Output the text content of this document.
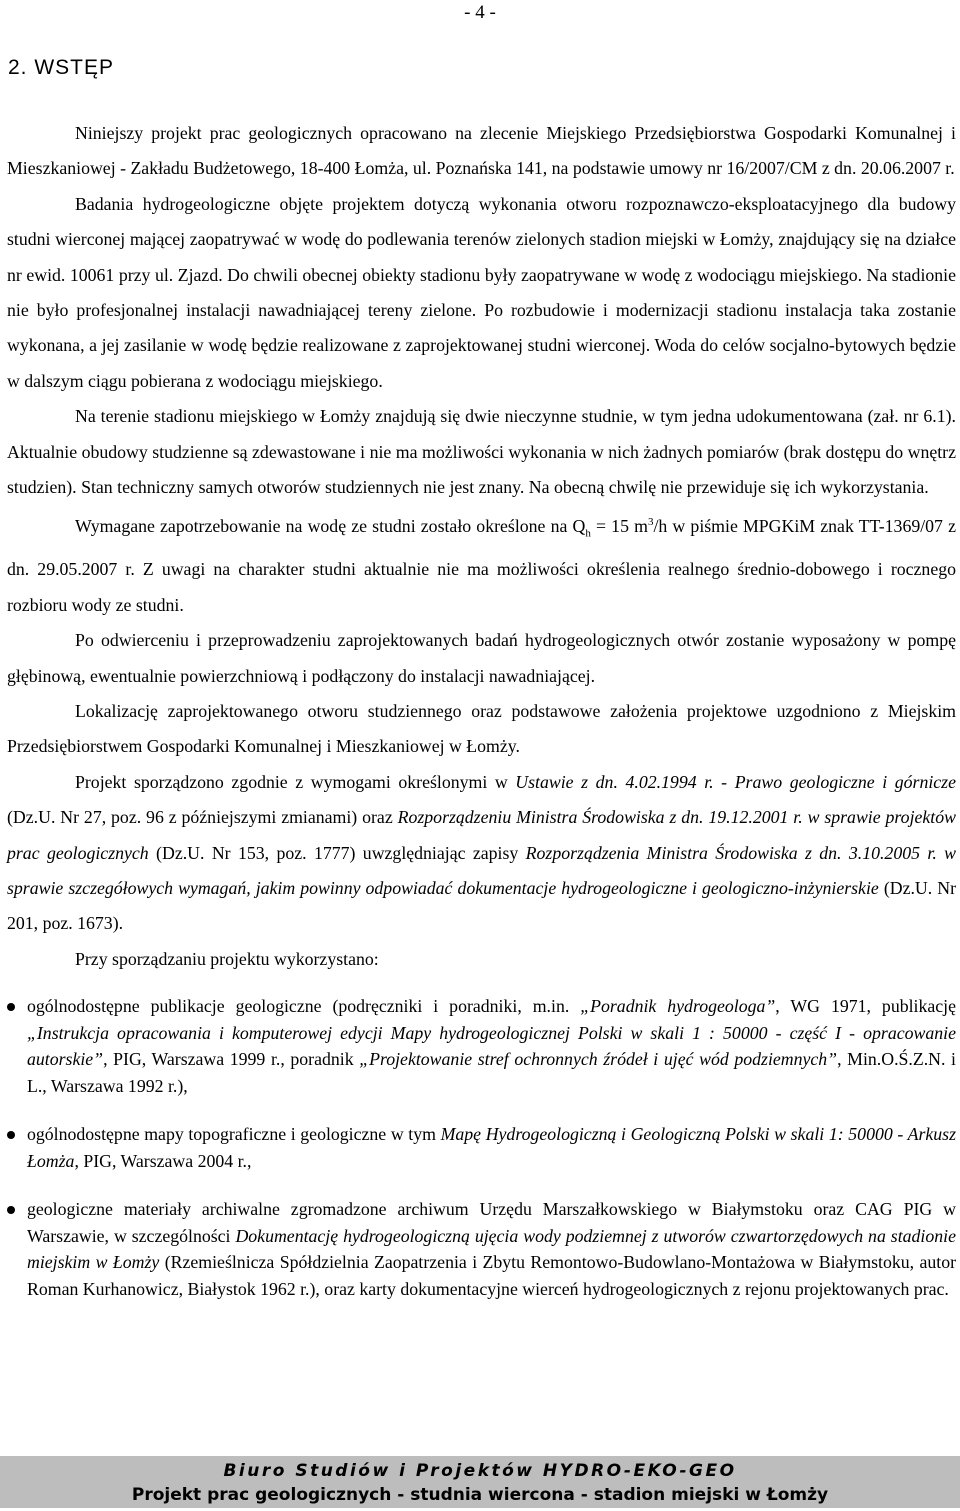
- 4 -
2. WSTĘP

Niniejszy projekt prac geologicznych opracowano na zlecenie Miejskiego Przedsiębiorstwa Gospodarki Komunalnej i Mieszkaniowej - Zakładu Budżetowego, 18-400 Łomża, ul. Poznańska 141, na podstawie umowy nr 16/2007/CM z dn. 20.06.2007 r.

Badania hydrogeologiczne objęte projektem dotyczą wykonania otworu rozpoznawczo-eksploatacyjnego dla budowy studni wierconej mającej zaopatrywać w wodę do podlewania terenów zielonych stadion miejski w Łomży, znajdujący się na działce nr ewid. 10061 przy ul. Zjazd. Do chwili obecnej obiekty stadionu były zaopatrywane w wodę z wodociągu miejskiego. Na stadionie nie było profesjonalnej instalacji nawadniającej tereny zielone. Po rozbudowie i modernizacji stadionu instalacja taka zostanie wykonana, a jej zasilanie w wodę będzie realizowane z zaprojektowanej studni wierconej. Woda do celów socjalno-bytowych będzie w dalszym ciągu pobierana z wodociągu miejskiego.

Na terenie stadionu miejskiego w Łomży znajdują się dwie nieczynne studnie, w tym jedna udokumentowana (zał. nr 6.1). Aktualnie obudowy studzienne są zdewastowane i nie ma możliwości wykonania w nich żadnych pomiarów (brak dostępu do wnętrz studzien). Stan techniczny samych otworów studziennych nie jest znany. Na obecną chwilę nie przewiduje się ich wykorzystania.

Wymagane zapotrzebowanie na wodę ze studni zostało określone na $Q_h = 15$ $m^3/h$ w piśmie MPGKiM znak TT-1369/07 z dn. 29.05.2007 r. Z uwagi na charakter studni aktualnie nie ma możliwości określenia realnego średnio-dobowego i rocznego rozbioru wody ze studni.

Po odwierceniu i przeprowadzeniu zaprojektowanych badań hydrogeologicznych otwór zostanie wyposażony w pompę głębinową, ewentualnie powierzchniową i podłączony do instalacji nawadniającej.

Lokalizację zaprojektowanego otworu studziennego oraz podstawowe założenia projektowe uzgodniono z Miejskim Przedsiębiorstwem Gospodarki Komunalnej i Mieszkaniowej w Łomży.

Projekt sporządzono zgodnie z wymogami określonymi w Ustawie z dn. 4.02.1994 r. - Prawo geologiczne i górnicze (Dz.U. Nr 27, poz. 96 z późniejszymi zmianami) oraz Rozporządzeniu Ministra Środowiska z dn. 19.12.2001 r. w sprawie projektów prac geologicznych (Dz.U. Nr 153, poz. 1777) uwzględniając zapisy Rozporządzenia Ministra Środowiska z dn. 3.10.2005 r. w sprawie szczegółowych wymagań, jakim powinny odpowiadać dokumentacje hydrogeologiczne i geologiczno-inżynierskie (Dz.U. Nr 201, poz. 1673).

Przy sporządzaniu projektu wykorzystano:

ogólnodostępne publikacje geologiczne (podręczniki i poradniki, m.in. „Poradnik hydrogeologa”, WG 1971, publikację „Instrukcja opracowania i komputerowej edycji Mapy hydrogeologicznej Polski w skali 1 : 50000 - część I - opracowanie autorskie”, PIG, Warszawa 1999 r., poradnik „Projektowanie stref ochronnych źródeł i ujęć wód podziemnych”, Min.O.Ś.Z.N. i L., Warszawa 1992 r.),
ogólnodostępne mapy topograficzne i geologiczne w tym Mapę Hydrogeologiczną i Geologiczną Polski w skali 1: 50000 - Arkusz Łomża, PIG, Warszawa 2004 r.,
geologiczne materiały archiwalne zgromadzone archiwum Urzędu Marszałkowskiego w Białymstoku oraz CAG PIG w Warszawie, w szczególności Dokumentację hydrogeologiczną ujęcia wody podziemnej z utworów czwartorzędowych na stadionie miejskim w Łomży (Rzemieślnicza Spółdzielnia Zaopatrzenia i Zbytu Remontowo-Budowlano-Montażowa w Białymstoku, autor Roman Kurhanowicz, Białystok 1962 r.), oraz karty dokumentacyjne wierceń hydrogeologicznych z rejonu projektowanych prac.
Biuro Studiów i Projektów HYDRO-EKO-GEO
Projekt prac geologicznych - studnia wiercona - stadion miejski w Łomży
